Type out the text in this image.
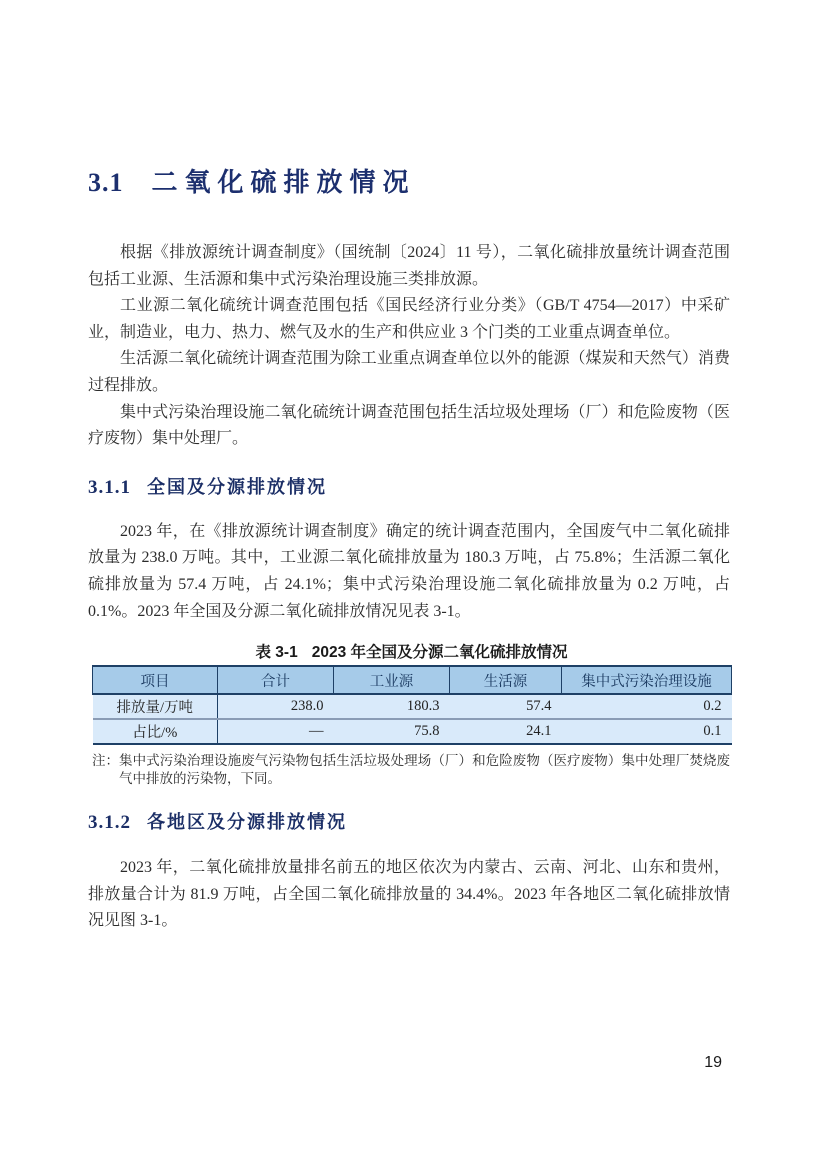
3.1 二氧化硫排放情况

根据《排放源统计调查制度》（国统制〔2024〕11 号），二氧化硫排放量统计调查范围包括工业源、生活源和集中式污染治理设施三类排放源。

工业源二氧化硫统计调查范围包括《国民经济行业分类》（GB/T 4754—2017）中采矿业，制造业，电力、热力、燃气及水的生产和供应业 3 个门类的工业重点调查单位。

生活源二氧化硫统计调查范围为除工业重点调查单位以外的能源（煤炭和天然气）消费过程排放。

集中式污染治理设施二氧化硫统计调查范围包括生活垃圾处理场（厂）和危险废物（医疗废物）集中处理厂。

3.1.1 全国及分源排放情况

2023 年，在《排放源统计调查制度》确定的统计调查范围内，全国废气中二氧化硫排放量为 238.0 万吨。其中，工业源二氧化硫排放量为 180.3 万吨，占 75.8%；生活源二氧化硫排放量为 57.4 万吨，占 24.1%；集中式污染治理设施二氧化硫排放量为 0.2 万吨，占 0.1%。2023 年全国及分源二氧化硫排放情况见表 3-1。

表 3-1 2023 年全国及分源二氧化硫排放情况
项目	合计	工业源	生活源	集中式污染治理设施
排放量/万吨	238.0	180.3	57.4	0.2
占比/%	—	75.8	24.1	0.1
注： 集中式污染治理设施废气污染物包括生活垃圾处理场（厂）和危险废物（医疗废物）集中处理厂焚烧废气中排放的污染物，下同。
3.1.2 各地区及分源排放情况

2023 年，二氧化硫排放量排名前五的地区依次为内蒙古、云南、河北、山东和贵州，排放量合计为 81.9 万吨，占全国二氧化硫排放量的 34.4%。2023 年各地区二氧化硫排放情况见图 3-1。

19
